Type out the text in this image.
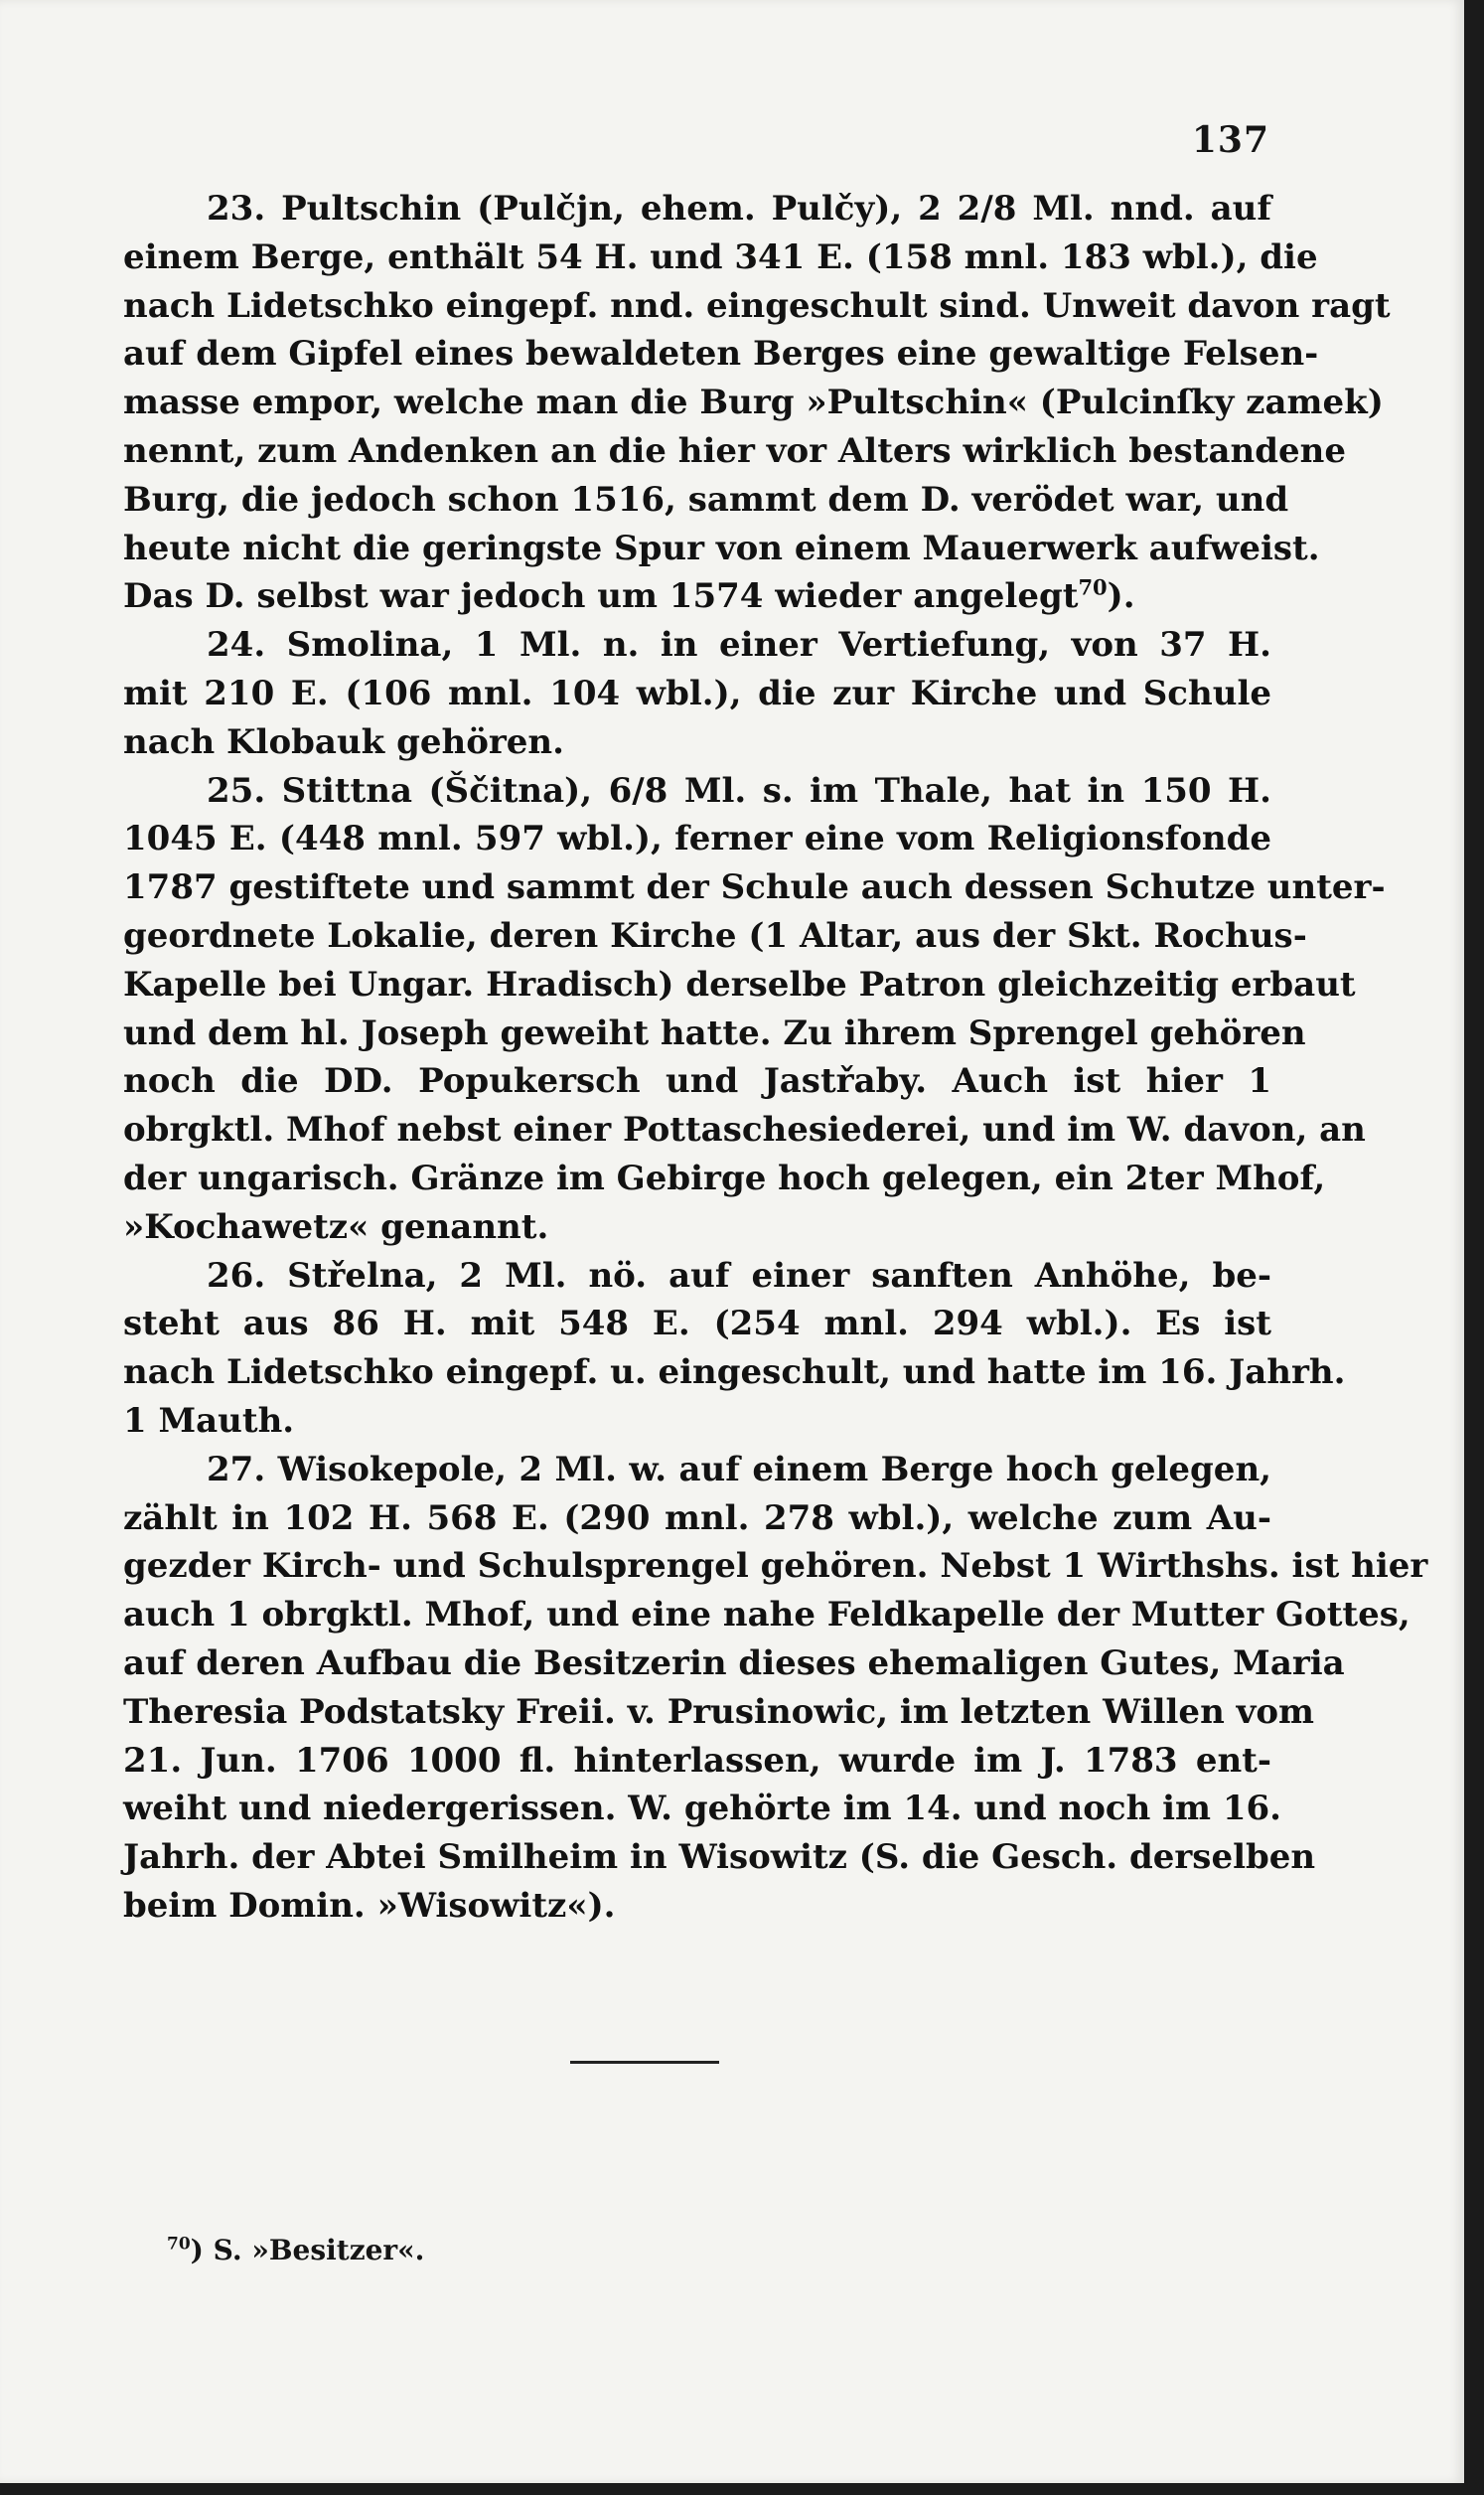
137
23. Pultschin (Pulčjn, ehem. Pulčy), 2 2/8 Ml. nnd. auf
einem Berge, enthält 54 H. und 341 E. (158 mnl. 183 wbl.), die
nach Lidetschko eingepf. nnd. eingeschult sind. Unweit davon ragt
auf dem Gipfel eines bewaldeten Berges eine gewaltige Felsen-
masse empor, welche man die Burg »Pultschin« (Pulcinſky zamek)
nennt, zum Andenken an die hier vor Alters wirklich bestandene
Burg, die jedoch schon 1516, sammt dem D. verödet war, und
heute nicht die geringste Spur von einem Mauerwerk aufweist.
Das D. selbst war jedoch um 1574 wieder angelegt$^{70}$).
24. Smolina, 1 Ml. n. in einer Vertiefung, von 37 H.
mit 210 E. (106 mnl. 104 wbl.), die zur Kirche und Schule
nach Klobauk gehören.
25. Stittna (Ščitna), 6/8 Ml. s. im Thale, hat in 150 H.
1045 E. (448 mnl. 597 wbl.), ferner eine vom Religionsfonde
1787 gestiftete und sammt der Schule auch dessen Schutze unter-
geordnete Lokalie, deren Kirche (1 Altar, aus der Skt. Rochus-
Kapelle bei Ungar. Hradisch) derselbe Patron gleichzeitig erbaut
und dem hl. Joseph geweiht hatte. Zu ihrem Sprengel gehören
noch die DD. Popukersch und Jastřaby. Auch ist hier 1
obrgktl. Mhof nebst einer Pottaschesiederei, und im W. davon, an
der ungarisch. Gränze im Gebirge hoch gelegen, ein 2ter Mhof,
»Kochawetz« genannt.
26. Střelna, 2 Ml. nö. auf einer sanften Anhöhe, be-
steht aus 86 H. mit 548 E. (254 mnl. 294 wbl.). Es ist
nach Lidetschko eingepf. u. eingeschult, und hatte im 16. Jahrh.
1 Mauth.
27. Wisokepole, 2 Ml. w. auf einem Berge hoch gelegen,
zählt in 102 H. 568 E. (290 mnl. 278 wbl.), welche zum Au-
gezder Kirch- und Schulsprengel gehören. Nebst 1 Wirthshs. ist hier
auch 1 obrgktl. Mhof, und eine nahe Feldkapelle der Mutter Gottes,
auf deren Aufbau die Besitzerin dieses ehemaligen Gutes, Maria
Theresia Podstatsky Freii. v. Prusinowic, im letzten Willen vom
21. Jun. 1706 1000 fl. hinterlassen, wurde im J. 1783 ent-
weiht und niedergerissen. W. gehörte im 14. und noch im 16.
Jahrh. der Abtei Smilheim in Wisowitz (S. die Gesch. derselben
beim Domin. »Wisowitz«).
$^{70}$) S. »Besitzer«.
